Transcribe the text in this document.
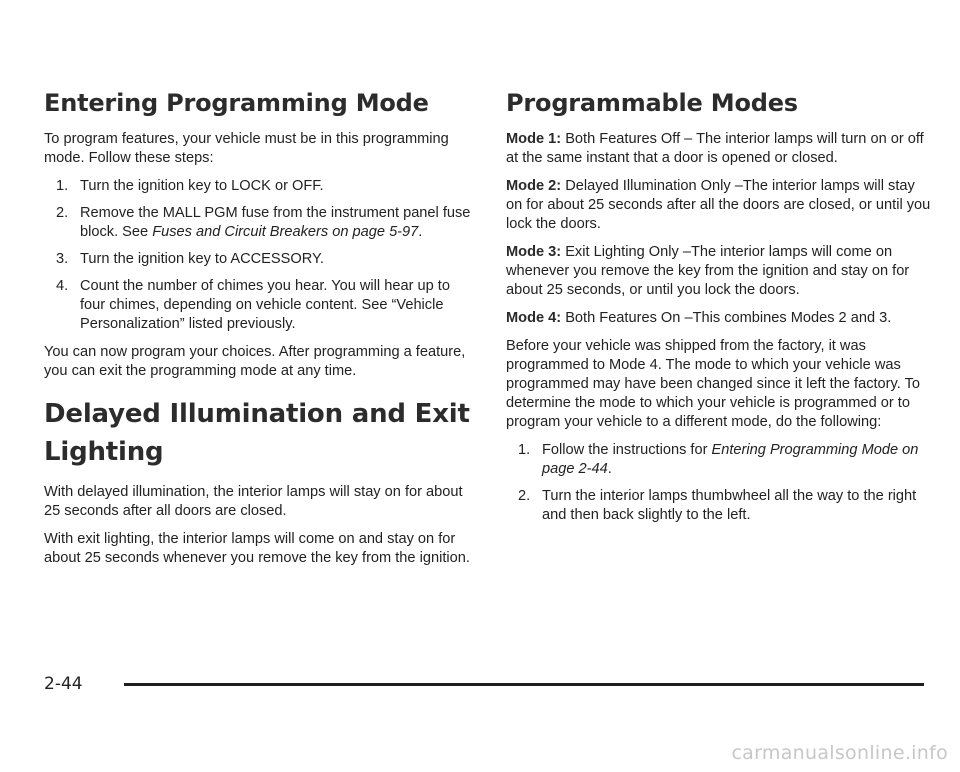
Entering Programming Mode

To program features, your vehicle must be in this programming mode. Follow these steps:

1. Turn the ignition key to LOCK or OFF.
2. Remove the MALL PGM fuse from the instrument panel fuse block. See Fuses and Circuit Breakers on page 5-97.
3. Turn the ignition key to ACCESSORY.
4. Count the number of chimes you hear. You will hear up to four chimes, depending on vehicle content. See “Vehicle Personalization” listed previously.

You can now program your choices. After programming a feature, you can exit the programming mode at any time.

Delayed Illumination and Exit Lighting

With delayed illumination, the interior lamps will stay on for about 25 seconds after all doors are closed.

With exit lighting, the interior lamps will come on and stay on for about 25 seconds whenever you remove the key from the ignition.

Programmable Modes

Mode 1: Both Features Off – The interior lamps will turn on or off at the same instant that a door is opened or closed.

Mode 2: Delayed Illumination Only –The interior lamps will stay on for about 25 seconds after all the doors are closed, or until you lock the doors.

Mode 3: Exit Lighting Only –The interior lamps will come on whenever you remove the key from the ignition and stay on for about 25 seconds, or until you lock the doors.

Mode 4: Both Features On –This combines Modes 2 and 3.

Before your vehicle was shipped from the factory, it was programmed to Mode 4. The mode to which your vehicle was programmed may have been changed since it left the factory. To determine the mode to which your vehicle is programmed or to program your vehicle to a different mode, do the following:

1. Follow the instructions for Entering Programming Mode on page 2-44.
2. Turn the interior lamps thumbwheel all the way to the right and then back slightly to the left.
2-44
carmanualsonline.info
